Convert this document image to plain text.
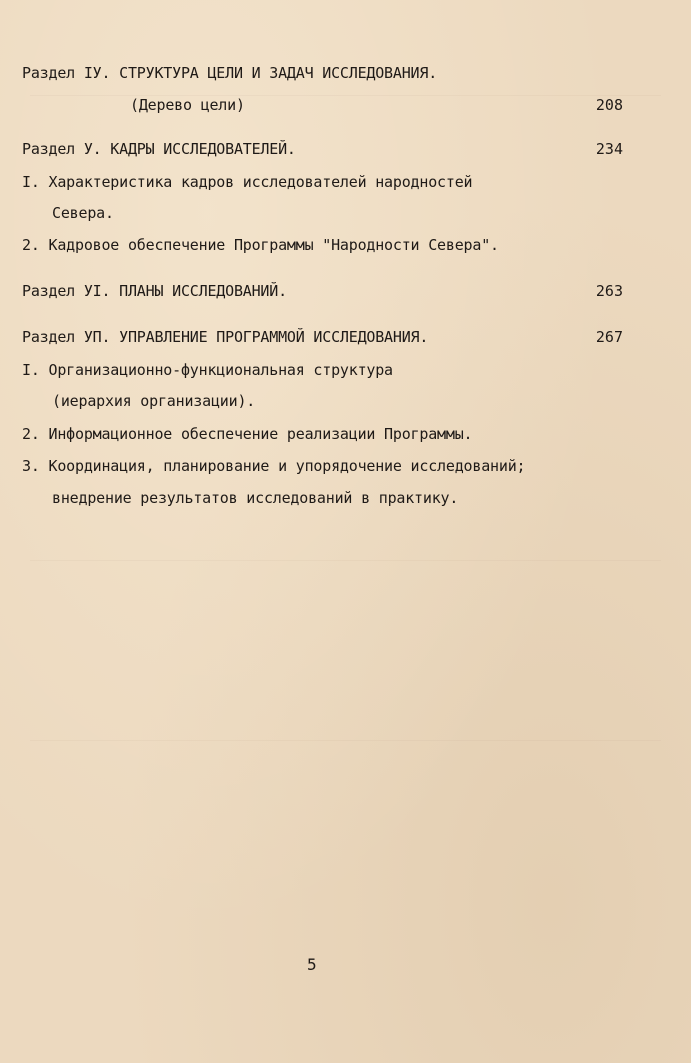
Раздел IУ. СТРУКТУРА ЦЕЛИ И ЗАДАЧ ИССЛЕДОВАНИЯ.
(Дерево цели)	208
Раздел У. КАДРЫ ИССЛЕДОВАТЕЛЕЙ.	234
I. Характеристика кадров исследователей народностей
Севера.
2. Кадровое обеспечение Программы "Народности Севера".
Раздел УI. ПЛАНЫ ИССЛЕДОВАНИЙ.	263
Раздел УП. УПРАВЛЕНИЕ ПРОГРАММОЙ ИССЛЕДОВАНИЯ.	267
I. Организационно-функциональная структура
(иерархия организации).
2. Информационное обеспечение реализации Программы.
3. Координация, планирование и упорядочение исследований;
внедрение результатов исследований в практику.
5
